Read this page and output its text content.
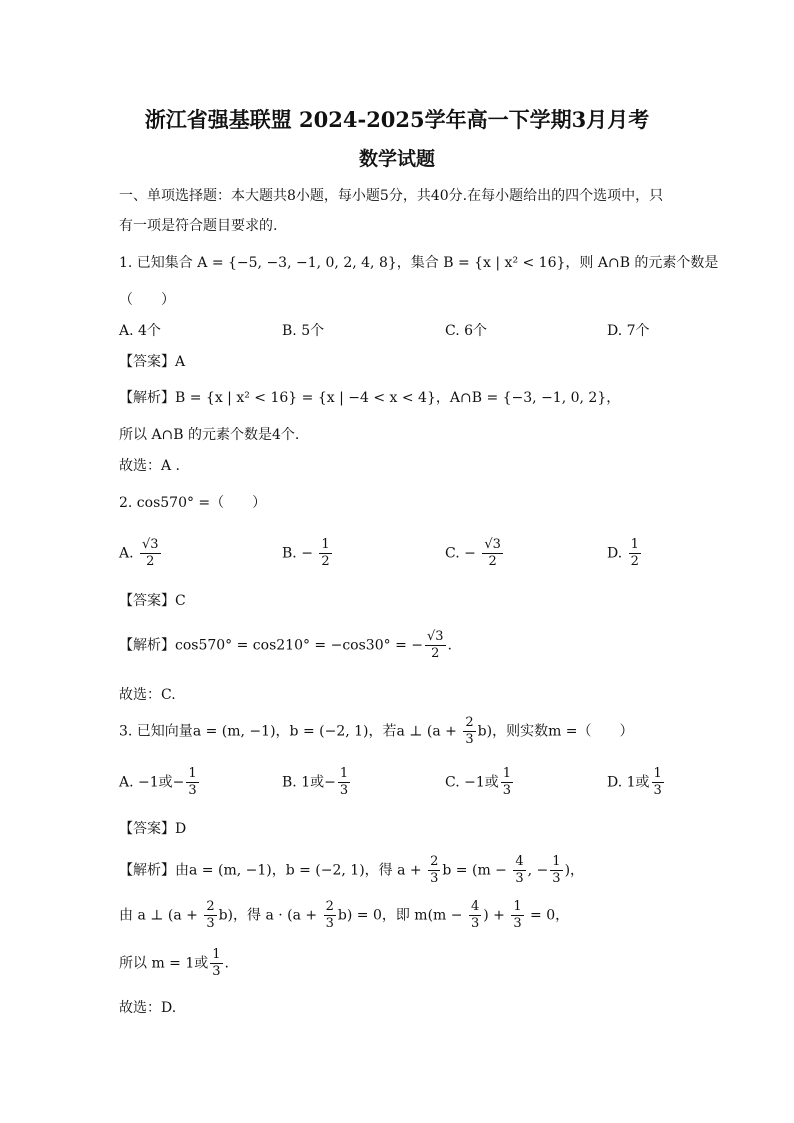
浙江省强基联盟 2024-2025学年高一下学期3月月考
数学试题
一、单项选择题：本大题共8小题，每小题5分，共40分.在每小题给出的四个选项中，只
有一项是符合题目要求的.
1. 已知集合 A = {−5, −3, −1, 0, 2, 4, 8}，集合 B = {x | x² < 16}，则 A∩B 的元素个数是
（　　）
A. 4个	B. 5个	C. 6个	D. 7个
【答案】A
【解析】B = {x | x² < 16} = {x | −4 < x < 4}，A∩B = {−3, −1, 0, 2}，
所以 A∩B 的元素个数是4个.
故选：A .
2. cos570° =（　　）
A. $\frac{√3}{2}$	B. − $\frac{1}{2}$	C. − $\frac{√3}{2}$	D. $\frac{1}{2}$
【答案】C
【解析】cos570° = cos210° = −cos30° = − $\frac{√3}{2}$ .
故选：C.
3. 已知向量a = (m, −1)，b = (−2, 1)，若a ⊥ $(a + \frac{2}{3} b)$，则实数m =（　　）
A. −1或− $\frac{1}{3}$	B. 1或− $\frac{1}{3}$	C. −1或 $\frac{1}{3}$	D. 1或 $\frac{1}{3}$
【答案】D
【解析】由a = (m, −1)，b = (−2, 1)，得 $a + \frac{2}{3}$ $b = (m - \frac{4}{3}$ , − $\frac{1}{3}$ )，
由 a ⊥ $(a + \frac{2}{3} b)$，得 $a \cdot (a + \frac{2}{3} b) = 0$，即 $m(m - \frac{4}{3}$ ) + $\frac{1}{3} = 0$，
所以 m = 1或 $\frac{1}{3}$ .
故选：D.
